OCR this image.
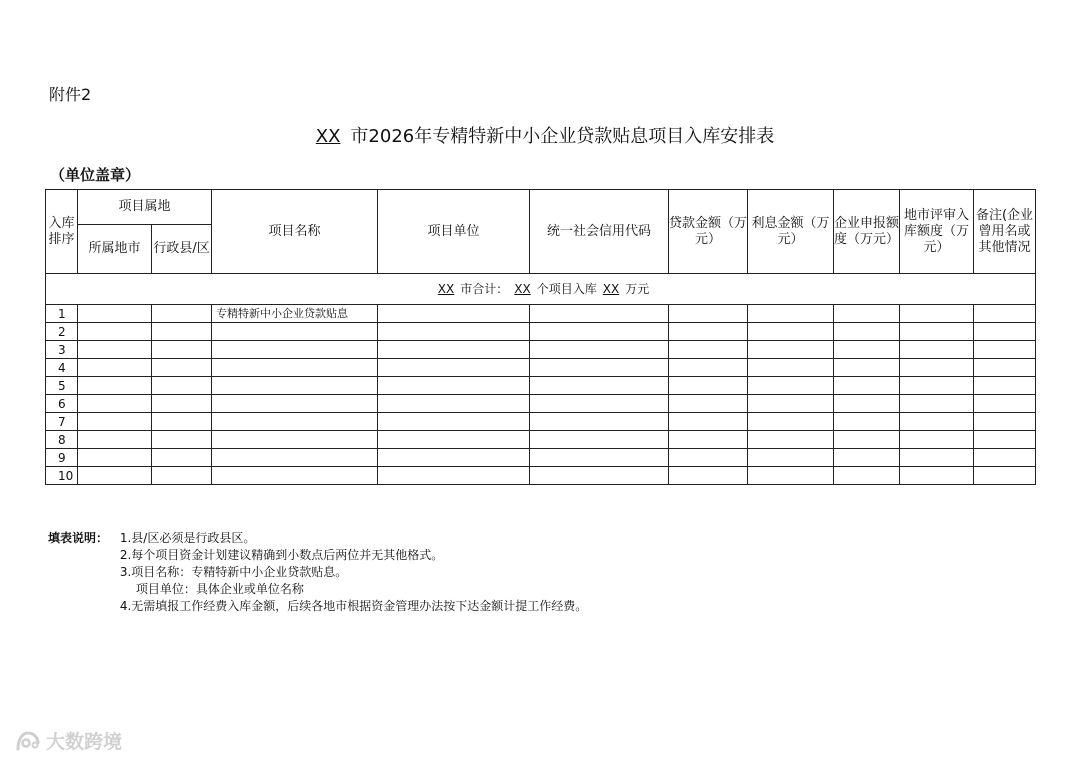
附件2
XX 市2026年专精特新中小企业贷款贴息项目入库安排表
（单位盖章）
入库排序	项目属地		项目名称	项目单位	统一社会信用代码	贷款金额（万元）	利息金额（万元）	企业申报额度（万元）	地市评审入库额度（万元）	备注(企业曾用名或其他情况
	所属地市	行政县/区								
XX 市合计： XX 个项目入库 XX 万元										
1			专精特新中小企业贷款贴息							
2										
3										
4										
5										
6										
7										
8										
9										
10										
填表说明： 1.县/区必须是行政县区。
2.每个项目资金计划建议精确到小数点后两位并无其他格式。
3.项目名称：专精特新中小企业贷款贴息。
项目单位：具体企业或单位名称
4.无需填报工作经费入库金额，后续各地市根据资金管理办法按下达金额计提工作经费。
大数跨境
